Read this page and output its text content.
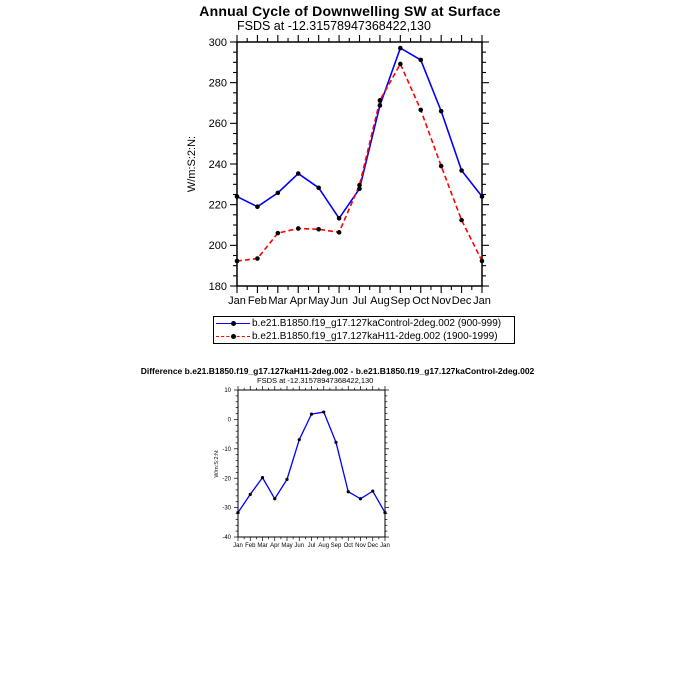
Annual Cycle of Downwelling SW at Surface
FSDS at -12.31578947368422,130
180
200
220
240
260
280
300
Jan Feb Mar Apr May Jun Jul Aug Sep Oct Nov Dec Jan
W/m:S:2:N:
b.e21.B1850.f19_g17.127kaControl-2deg.002 (900-999)
b.e21.B1850.f19_g17.127kaH11-2deg.002 (1900-1999)
Difference b.e21.B1850.f19_g17.127kaH11-2deg.002 - b.e21.B1850.f19_g17.127kaControl-2deg.002
FSDS at -12.31578947368422,130
-40
-30
-20
-10
0
10
Jan Feb Mar Apr May Jun Jul Aug Sep Oct Nov Dec Jan
W/m:S:2:N:
